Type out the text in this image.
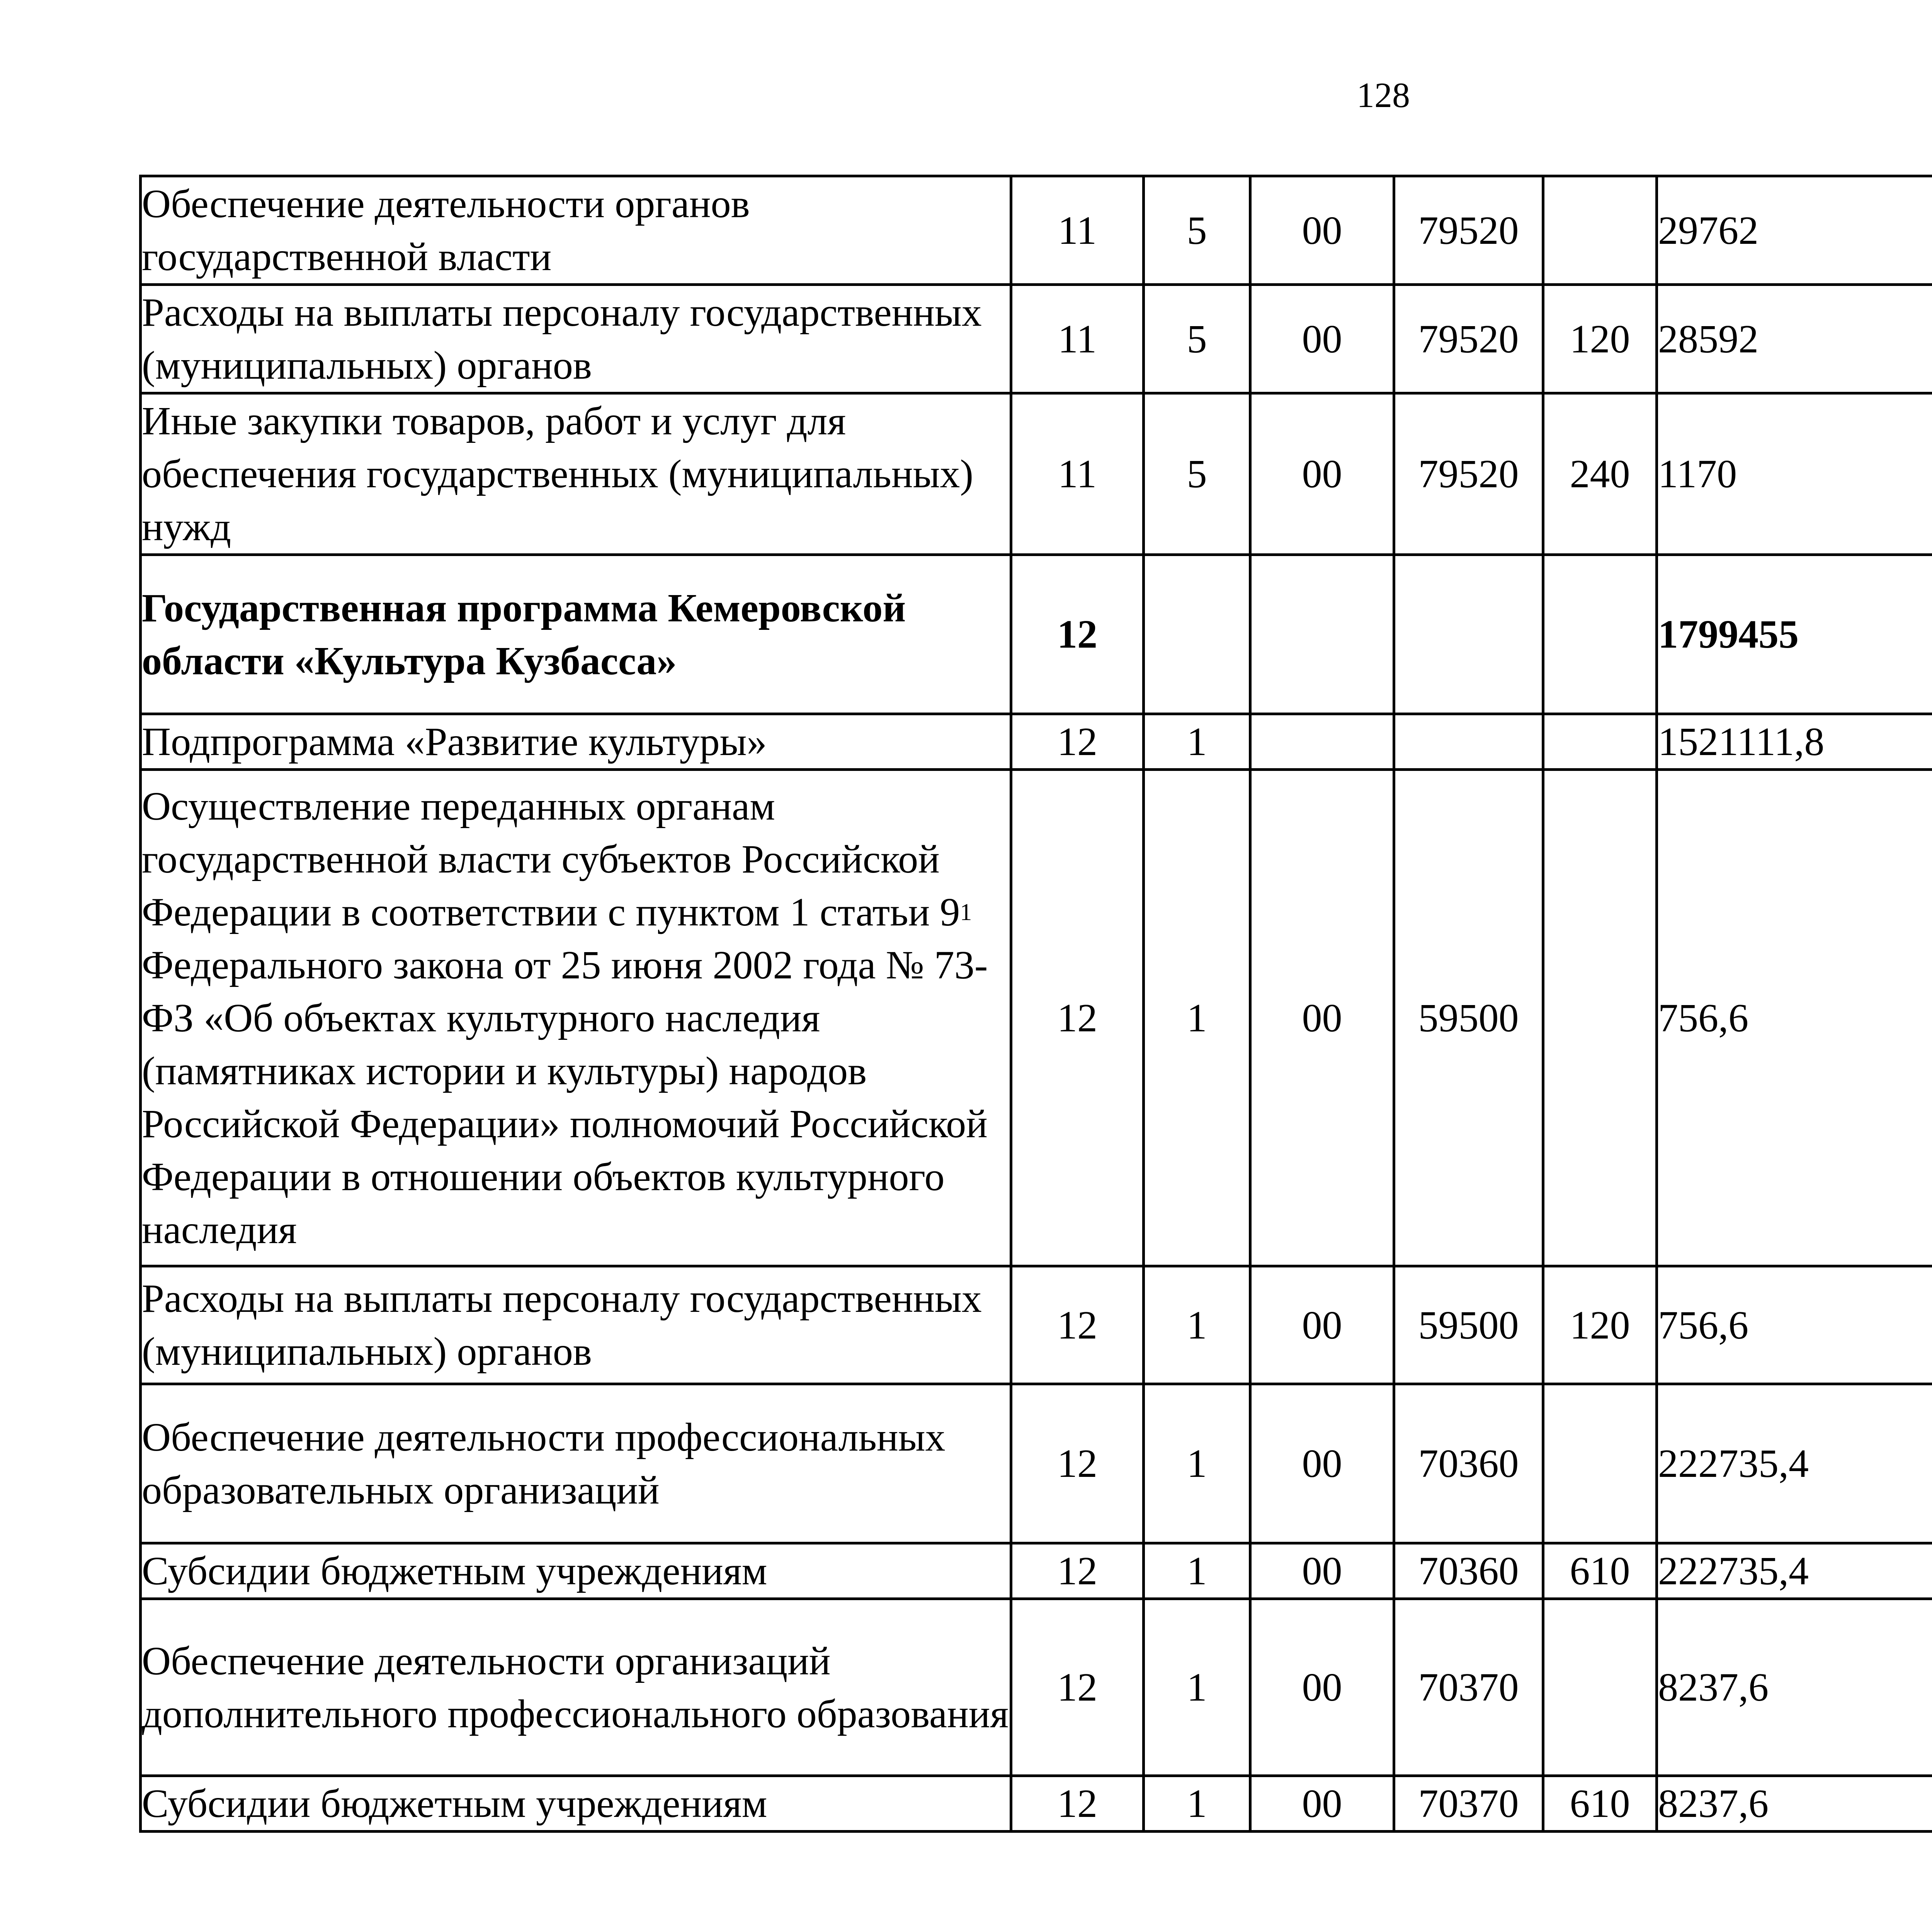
128
Обеспечение деятельности органов государственной власти	11	5	00	79520		29762		
Расходы на выплаты персоналу государственных (муниципальных) органов	11	5	00	79520	120	28592		
Иные закупки товаров, работ и услуг для обеспечения государственных (муниципальных) нужд	11	5	00	79520	240	1170		
Государственная программа Кемеровской области «Культура Кузбасса»	12					1799455		
Подпрограмма «Развитие культуры»	12	1				1521111,8		
Осуществление переданных органам государственной власти субъектов Российской Федерации в соответствии с пунктом 1 статьи $9^1$ Федерального закона от 25 июня 2002 года № 73-ФЗ «Об объектах культурного наследия (памятниках истории и культуры) народов Российской Федерации» полномочий Российской Федерации в отношении объектов культурного наследия	12	1	00	59500		756,6		
Расходы на выплаты персоналу государственных (муниципальных) органов	12	1	00	59500	120	756,6		
Обеспечение деятельности профессиональных образовательных организаций	12	1	00	70360		222735,4		
Субсидии бюджетным учреждениям	12	1	00	70360	610	222735,4		
Обеспечение деятельности организаций дополнительного профессионального образования	12	1	00	70370		8237,6		
Субсидии бюджетным учреждениям	12	1	00	70370	610	8237,6		
